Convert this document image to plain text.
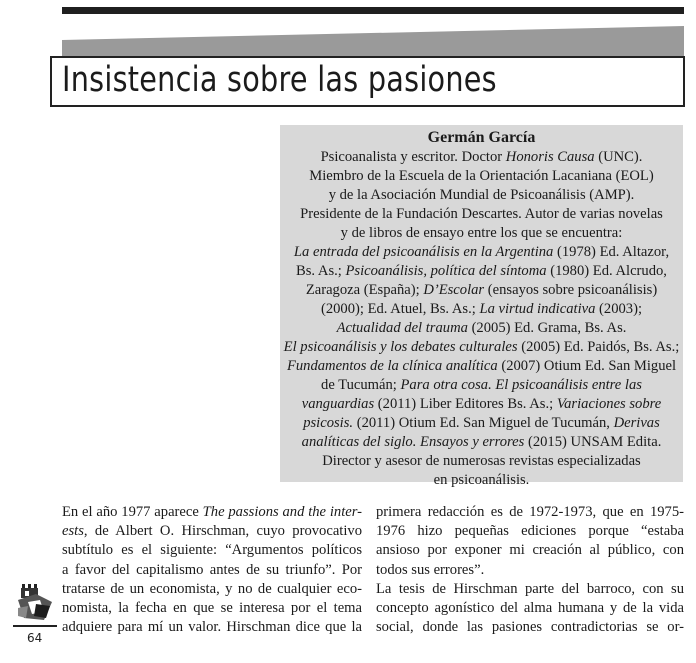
Insistencia sobre las pasiones
Germán García
Psicoanalista y escritor. Doctor Honoris Causa (UNC).
Miembro de la Escuela de la Orientación Lacaniana (EOL)
y de la Asociación Mundial de Psicoanálisis (AMP).
Presidente de la Fundación Descartes. Autor de varias novelas
y de libros de ensayo entre los que se encuentra:
La entrada del psicoanálisis en la Argentina (1978) Ed. Altazor,
Bs. As.; Psicoanálisis, política del síntoma (1980) Ed. Alcrudo,
Zaragoza (España); D’Escolar (ensayos sobre psicoanálisis)
(2000); Ed. Atuel, Bs. As.; La virtud indicativa (2003);
Actualidad del trauma (2005) Ed. Grama, Bs. As.
El psicoanálisis y los debates culturales (2005) Ed. Paidós, Bs. As.;
Fundamentos de la clínica analítica (2007) Otium Ed. San Miguel
de Tucumán; Para otra cosa. El psicoanálisis entre las
vanguardias (2011) Liber Editores Bs. As.; Variaciones sobre
psicosis. (2011) Otium Ed. San Miguel de Tucumán, Derivas
analíticas del siglo. Ensayos y errores (2015) UNSAM Edita.
Director y asesor de numerosas revistas especializadas
en psicoanálisis.
En el año 1977 aparece The passions and the inter-
ests, de Albert O. Hirschman, cuyo provocativo
subtítulo es el siguiente: “Argumentos políticos
a favor del capitalismo antes de su triunfo”. Por
tratarse de un economista, y no de cualquier eco-
nomista, la fecha en que se interesa por el tema
adquiere para mí un valor. Hirschman dice que la
primera redacción es de 1972-1973, que en 1975-
1976 hizo pequeñas ediciones porque “estaba
ansioso por exponer mi creación al público, con
todos sus errores”.
La tesis de Hirschman parte del barroco, con su
concepto agonístico del alma humana y de la vida
social, donde las pasiones contradictorias se or-
64
